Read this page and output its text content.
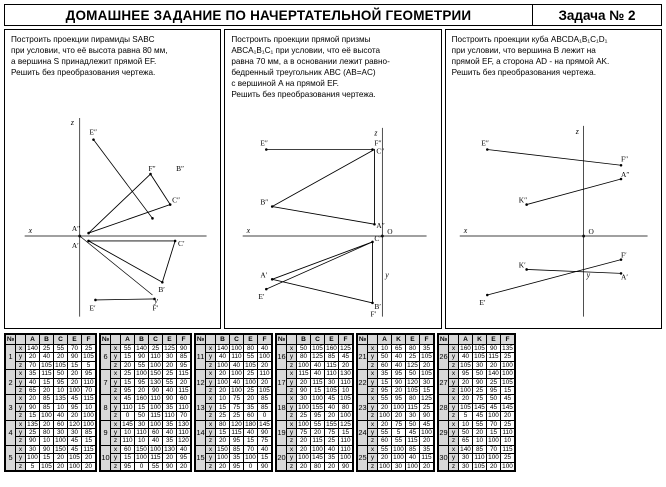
ДОМАШНЕЕ ЗАДАНИЕ ПО НАЧЕРТАТЕЛЬНОЙ ГЕОМЕТРИИ	Задача № 2
Построить проекции пирамиды SABC
при условии, что её высота равна 80 мм,
а вершина S принадлежит прямой EF.
Решить без преобразования чертежа.
E″
F″	B″
A″
C″
C′
B′
A′
E′	F′
x
z
y
Построить проекции прямой призмы
ABCA₁B₁C₁ при условии, что её высота
равна 70 мм, а в основании лежит равно-
бедренный треугольник ABC (AB=AC)
с вершиной A на прямой EF.
Решить без преобразования чертежа.
E″	F″
B″
C″
A″
C′
A′
B′
E′
F′
x
z
y
O
Построить проекции куба ABCDA₁B₁C₁D₁
при условии, что вершина B лежит на
прямой EF, а сторона AD - на прямой AK.
Решить без преобразования чертежа.
E″
F″
A″
K″
K′
A′
E′
F′
x
z
y
O
№		A	B	C	E	F
1	x	140	25	55	70	25
	y	20	40	20	90	105
	z	70	105	105	15	5
2	x	35	115	50	20	95
	y	40	15	95	20	110
	z	65	20	10	100	70
3	x	20	85	135	45	115
	y	90	85	10	95	10
	z	15	100	40	20	100
4	x	135	20	60	120	100
	y	25	80	30	30	85
	z	90	10	100	45	15
5	x	30	90	150	45	115
	y	100	15	20	105	20
	z	5	105	20	100	20
№		A	B	C	E	F
6	x	55	140	25	125	90
	y	15	90	110	30	85
	z	20	55	100	20	95
7	x	25	100	150	25	115
	y	15	95	130	55	20
	z	95	20	90	40	115
8	x	45	160	110	90	60
	y	110	15	100	35	110
	z	0	50	115	110	70
9	x	145	30	100	35	130
	y	10	110	60	40	110
	z	110	10	40	35	120
10	x	60	150	100	130	40
	y	15	100	115	20	95
	z	95	0	55	90	20
№		B	C	E	F
11	x	140	100	80	40
	y	40	110	55	100
	z	100	40	105	20
12	x	20	100	25	110
	y	100	40	100	20
	z	20	100	25	105
13	x	10	75	20	85
	y	15	75	35	85
	z	25	25	60	0
14	x	80	120	180	145
	y	15	115	40	90
	z	20	95	15	75
15	x	150	85	70	40
	y	100	35	100	15
	z	20	95	0	90
№		B	C	E	F
16	x	50	105	160	125
	y	80	125	85	45
	z	100	40	115	20
17	x	115	40	110	130
	y	20	115	30	110
	z	90	15	105	10
18	x	30	100	45	105
	y	100	155	40	80
	z	25	95	20	100
19	x	100	55	155	125
	y	75	20	75	15
	z	20	115	25	110
20	x	20	100	40	110
	y	100	145	35	100
	z	20	80	20	90
№		A	K	E	F
21	x	10	65	80	35
	y	50	40	25	105
	z	60	40	125	20
22	x	35	95	50	105
	y	15	90	120	30
	z	95	20	105	15
23	x	55	95	80	125
	y	20	100	115	25
	z	100	20	30	90
24	x	20	75	50	45
	y	55	5	45	100
	z	60	55	115	20
25	x	55	100	85	35
	y	20	100	40	115
	z	100	30	100	20
№		A	K	E	F
26	x	160	105	90	135
	y	40	105	115	25
	z	105	30	20	100
27	x	95	50	140	100
	y	20	90	25	105
	z	100	25	95	15
28	x	20	75	50	45
	y	105	145	45	145
	z	5	45	100	20
29	x	10	55	70	25
	y	50	20	15	110
	z	65	10	100	10
30	x	140	85	70	115
	y	30	110	100	25
	z	30	105	20	100
